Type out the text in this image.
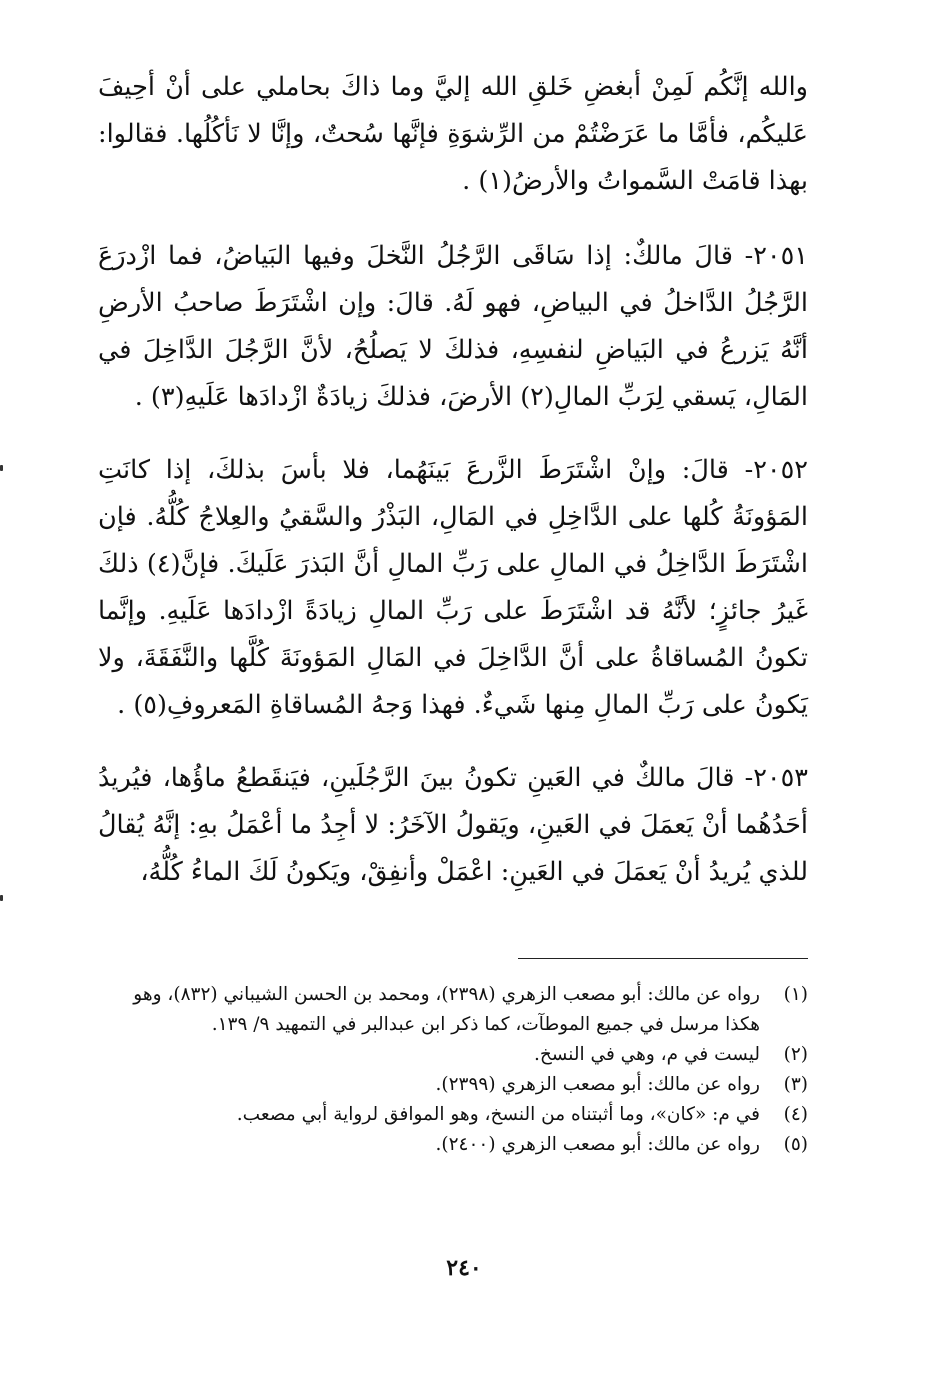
والله إنَّكُم لَمِنْ أبغضِ خَلقِ الله إليَّ وما ذاكَ بحاملي على أنْ أحِيفَ عَليكُم، فأمَّا ما عَرَضْتُمْ من الرِّشوَةِ فإنَّها سُحتٌ، وإنَّا لا نَأكُلُها. فقالوا: بهذا قامَتْ السَّمواتُ والأرضُ(١) .

٢٠٥١- قالَ مالكٌ: إذا سَاقَى الرَّجُلُ النَّخلَ وفيها البَياضُ، فما ازْدرَعَ الرَّجُلُ الدَّاخلُ في البياضِ، فهو لَهُ. قالَ: وإن اشْتَرَطَ صاحبُ الأرضِ أنَّهُ يَزرعُ في البَياضِ لنفسِهِ، فذلكَ لا يَصلُحُ، لأنَّ الرَّجُلَ الدَّاخِلَ في المَالِ، يَسقي لِرَبِّ المالِ(٢) الأرضَ، فذلكَ زيادَةٌ ازْدادَها عَلَيهِ(٣) .

٢٠٥٢- قالَ: وإنْ اشْتَرَطَ الزَّرعَ بَينَهُما، فلا بأسَ بذلكَ، إذا كانَتِ المَؤونَةُ كُلها على الدَّاخِلِ في المَالِ، البَذْرُ والسَّقيُ والعِلاجُ كُلُّهُ. فإن اشْتَرَطَ الدَّاخِلُ في المالِ على رَبِّ المالِ أنَّ البَذرَ عَلَيكَ. فإنَّ(٤) ذلكَ غَيرُ جائزٍ؛ لأنَّهُ قد اشْتَرَطَ على رَبِّ المالِ زيادَةً ازْدادَها عَلَيهِ. وإنَّما تكونُ المُساقاةُ على أنَّ الدَّاخِلَ في المَالِ المَؤونَةَ كُلَّها والنَّفَقَةَ، ولا يَكونُ على رَبِّ المالِ مِنها شَيءٌ. فهذا وَجهُ المُساقاةِ المَعروفِ(٥) .

٢٠٥٣- قالَ مالكٌ في العَينِ تكونُ بينَ الرَّجُلَينِ، فيَنقَطعُ ماؤُها، فيُريدُ أحَدُهُما أنْ يَعمَلَ في العَينِ، ويَقولُ الآخَرُ: لا أجِدُ ما أعْمَلُ بهِ: إنَّهُ يُقالُ للذي يُريدُ أنْ يَعمَلَ في العَينِ: اعْمَلْ وأنفِقْ، ويَكونُ لَكَ الماءُ كُلُّهُ،

(١)
رواه عن مالك: أبو مصعب الزهري (٢٣٩٨)، ومحمد بن الحسن الشيباني (٨٣٢)، وهو هكذا مرسل في جميع الموطآت، كما ذكر ابن عبدالبر في التمهيد ٩/ ١٣٩.
(٢)
ليست في م، وهي في النسخ.
(٣)
رواه عن مالك: أبو مصعب الزهري (٢٣٩٩).
(٤)
في م: «كان»، وما أثبتناه من النسخ، وهو الموافق لرواية أبي مصعب.
(٥)
رواه عن مالك: أبو مصعب الزهري (٢٤٠٠).
٢٤٠
